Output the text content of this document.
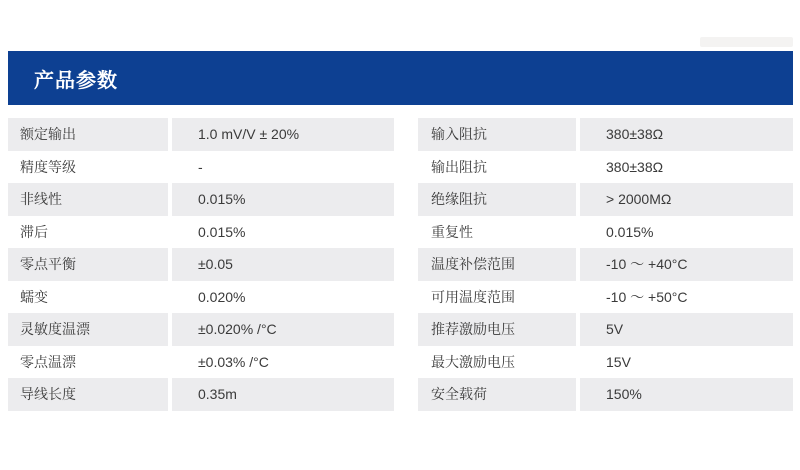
产品参数
额定输出	1.0 mV/V ± 20%	输入阻抗	380±38Ω
精度等级	-	输出阻抗	380±38Ω
非线性	0.015%	绝缘阻抗	> 2000MΩ
滞后	0.015%	重复性	0.015%
零点平衡	±0.05	温度补偿范围	-10 ～ +40°C
蠕变	0.020%	可用温度范围	-10 ～ +50°C
灵敏度温漂	±0.020% /°C	推荐激励电压	5V
零点温漂	±0.03% /°C	最大激励电压	15V
导线长度	0.35m	安全载荷	150%
